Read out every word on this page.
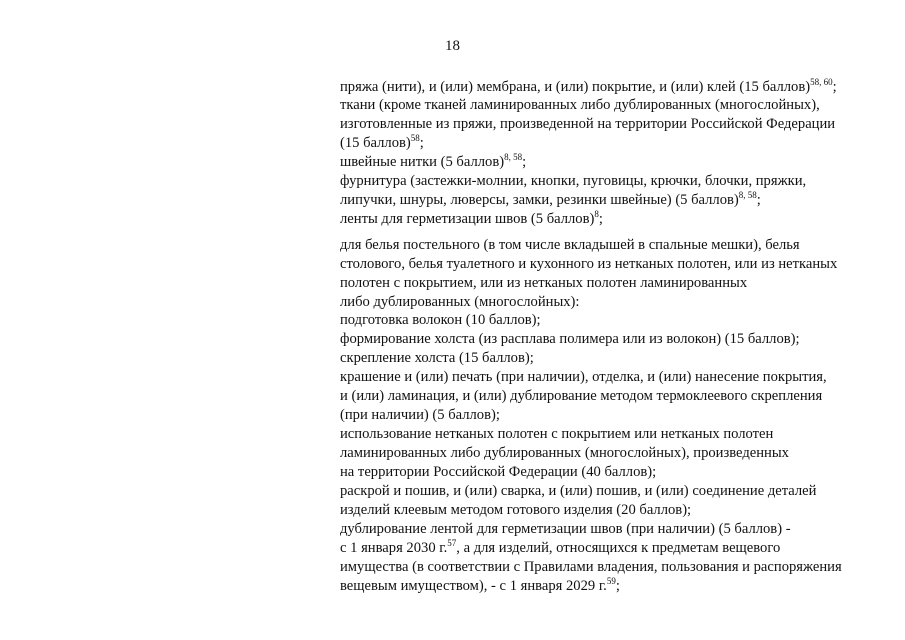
18
пряжа (нити), и (или) мембрана, и (или) покрытие, и (или) клей (15 баллов)$^{58, 60}$;
ткани (кроме тканей ламинированных либо дублированных (многослойных),
изготовленные из пряжи, произведенной на территории Российской Федерации
(15 баллов)$^{58}$;
швейные нитки (5 баллов)$^{8, 58}$;
фурнитура (застежки-молнии, кнопки, пуговицы, крючки, блочки, пряжки,
липучки, шнуры, люверсы, замки, резинки швейные) (5 баллов)$^{8, 58}$;
ленты для герметизации швов (5 баллов)$^8$;
для белья постельного (в том числе вкладышей в спальные мешки), белья
столового, белья туалетного и кухонного из нетканых полотен, или из нетканых
полотен с покрытием, или из нетканых полотен ламинированных
либо дублированных (многослойных):
подготовка волокон (10 баллов);
формирование холста (из расплава полимера или из волокон) (15 баллов);
скрепление холста (15 баллов);
крашение и (или) печать (при наличии), отделка, и (или) нанесение покрытия,
и (или) ламинация, и (или) дублирование методом термоклеевого скрепления
(при наличии) (5 баллов);
использование нетканых полотен с покрытием или нетканых полотен
ламинированных либо дублированных (многослойных), произведенных
на территории Российской Федерации (40 баллов);
раскрой и пошив, и (или) сварка, и (или) пошив, и (или) соединение деталей
изделий клеевым методом готового изделия (20 баллов);
дублирование лентой для герметизации швов (при наличии) (5 баллов) -
с 1 января 2030 г.$^{57}$, а для изделий, относящихся к предметам вещевого
имущества (в соответствии с Правилами владения, пользования и распоряжения
вещевым имуществом), - с 1 января 2029 г.$^{59}$;
